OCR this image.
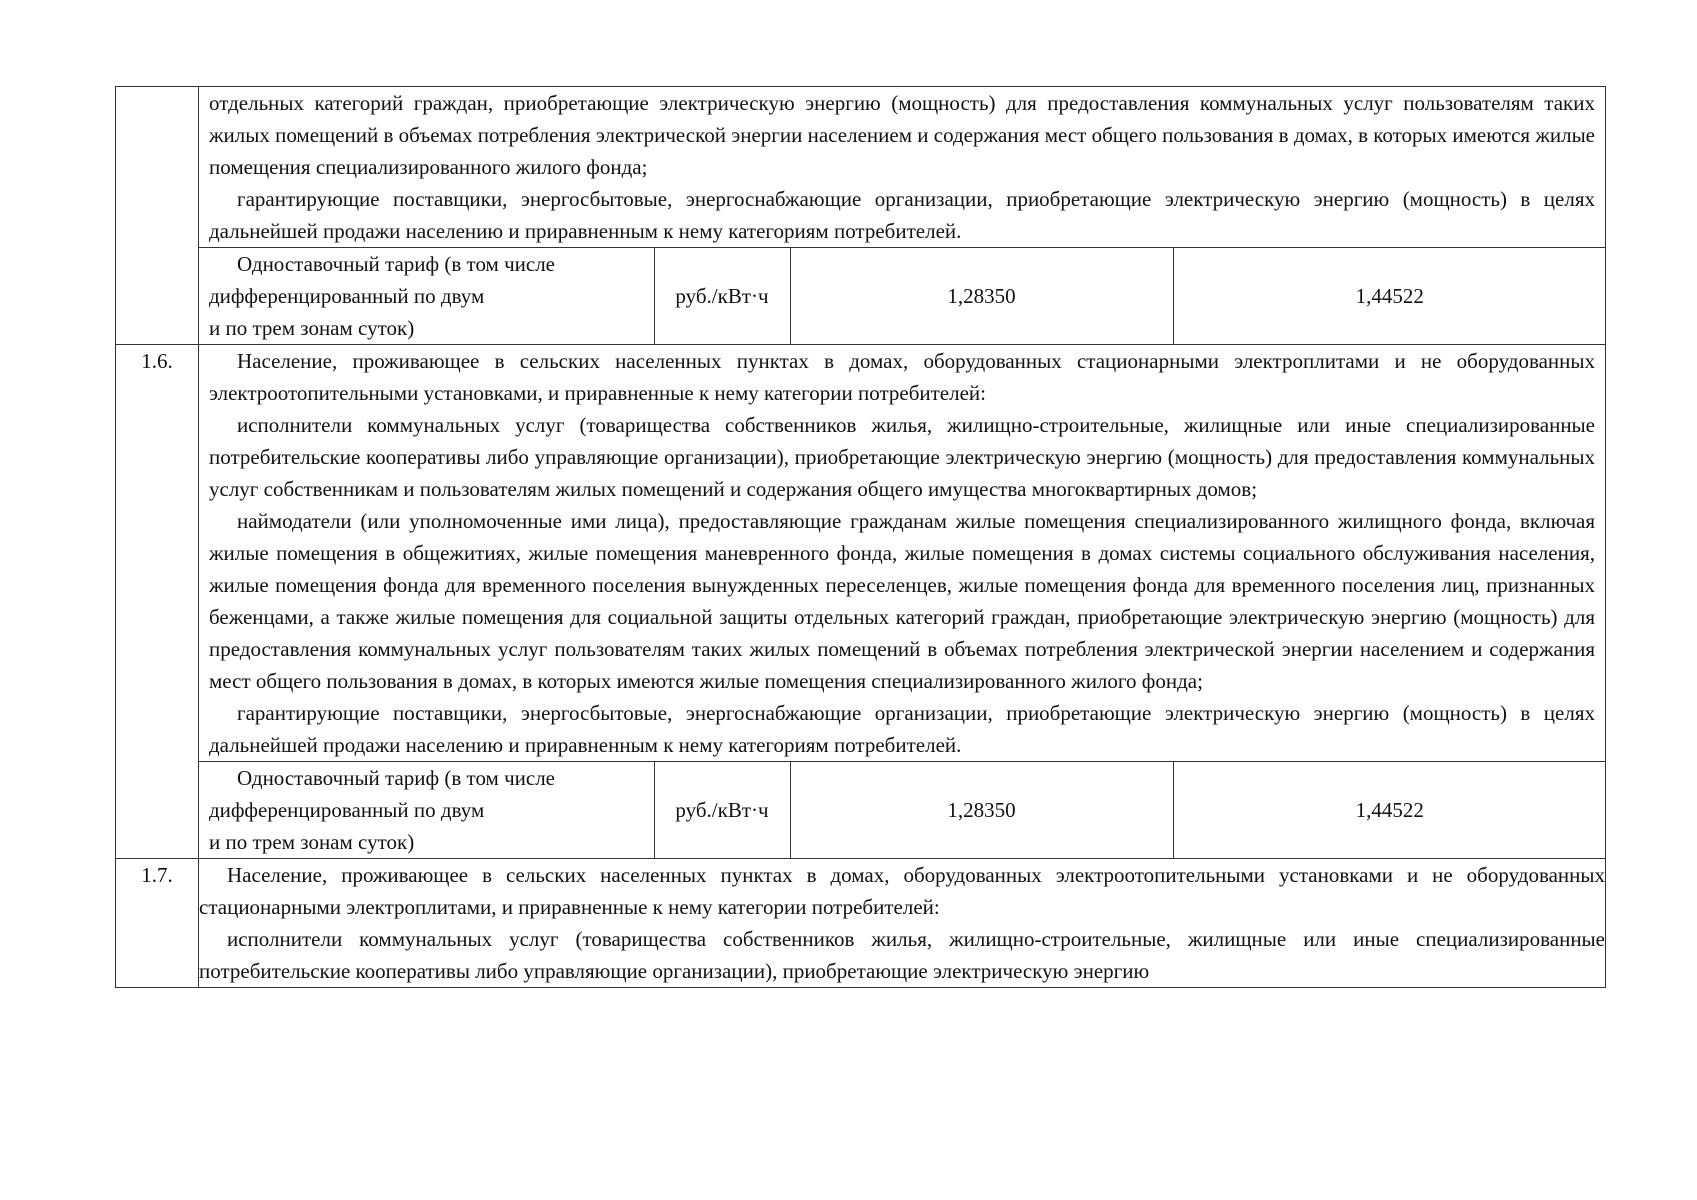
отдельных категорий граждан, приобретающие электрическую энергию (мощность) для предоставления коммунальных услуг пользователям таких жилых помещений в объемах потребления электрической энергии населением и содержания мест общего пользования в домах, в которых имеются жилые помещения специализированного жилого фонда;

гарантирующие поставщики, энергосбытовые, энергоснабжающие организации, приобретающие электрическую энергию (мощность) в целях дальнейшей продажи населению и приравненным к нему категориям потребителей.

Одноставочный тариф (в том числе
дифференцированный по двум
и по трем зонам суток)
	руб./кВт·ч	1,28350	1,44522

1.6.	Население, проживающее в сельских населенных пунктах в домах, оборудованных стационарными электроплитами и не оборудованных электроотопительными установками, и приравненные к нему категории потребителей:

исполнители коммунальных услуг (товарищества собственников жилья, жилищно-строительные, жилищные или иные специализированные потребительские кооперативы либо управляющие организации), приобретающие электрическую энергию (мощность) для предоставления коммунальных услуг собственникам и пользователям жилых помещений и содержания общего имущества многоквартирных домов;

наймодатели (или уполномоченные ими лица), предоставляющие гражданам жилые помещения специализированного жилищного фонда, включая жилые помещения в общежитиях, жилые помещения маневренного фонда, жилые помещения в домах системы социального обслуживания населения, жилые помещения фонда для временного поселения вынужденных переселенцев, жилые помещения фонда для временного поселения лиц, признанных беженцами, а также жилые помещения для социальной защиты отдельных категорий граждан, приобретающие электрическую энергию (мощность) для предоставления коммунальных услуг пользователям таких жилых помещений в объемах потребления электрической энергии населением и содержания мест общего пользования в домах, в которых имеются жилые помещения специализированного жилого фонда;

гарантирующие поставщики, энергосбытовые, энергоснабжающие организации, приобретающие электрическую энергию (мощность) в целях дальнейшей продажи населению и приравненным к нему категориям потребителей.

Одноставочный тариф (в том числе
дифференцированный по двум
и по трем зонам суток)
	руб./кВт·ч	1,28350	1,44522

1.7.	Население, проживающее в сельских населенных пунктах в домах, оборудованных электроотопительными установками и не оборудованных стационарными электроплитами, и приравненные к нему категории потребителей:

исполнители коммунальных услуг (товарищества собственников жилья, жилищно-строительные, жилищные или иные специализированные потребительские кооперативы либо управляющие организации), приобретающие электрическую энергию
